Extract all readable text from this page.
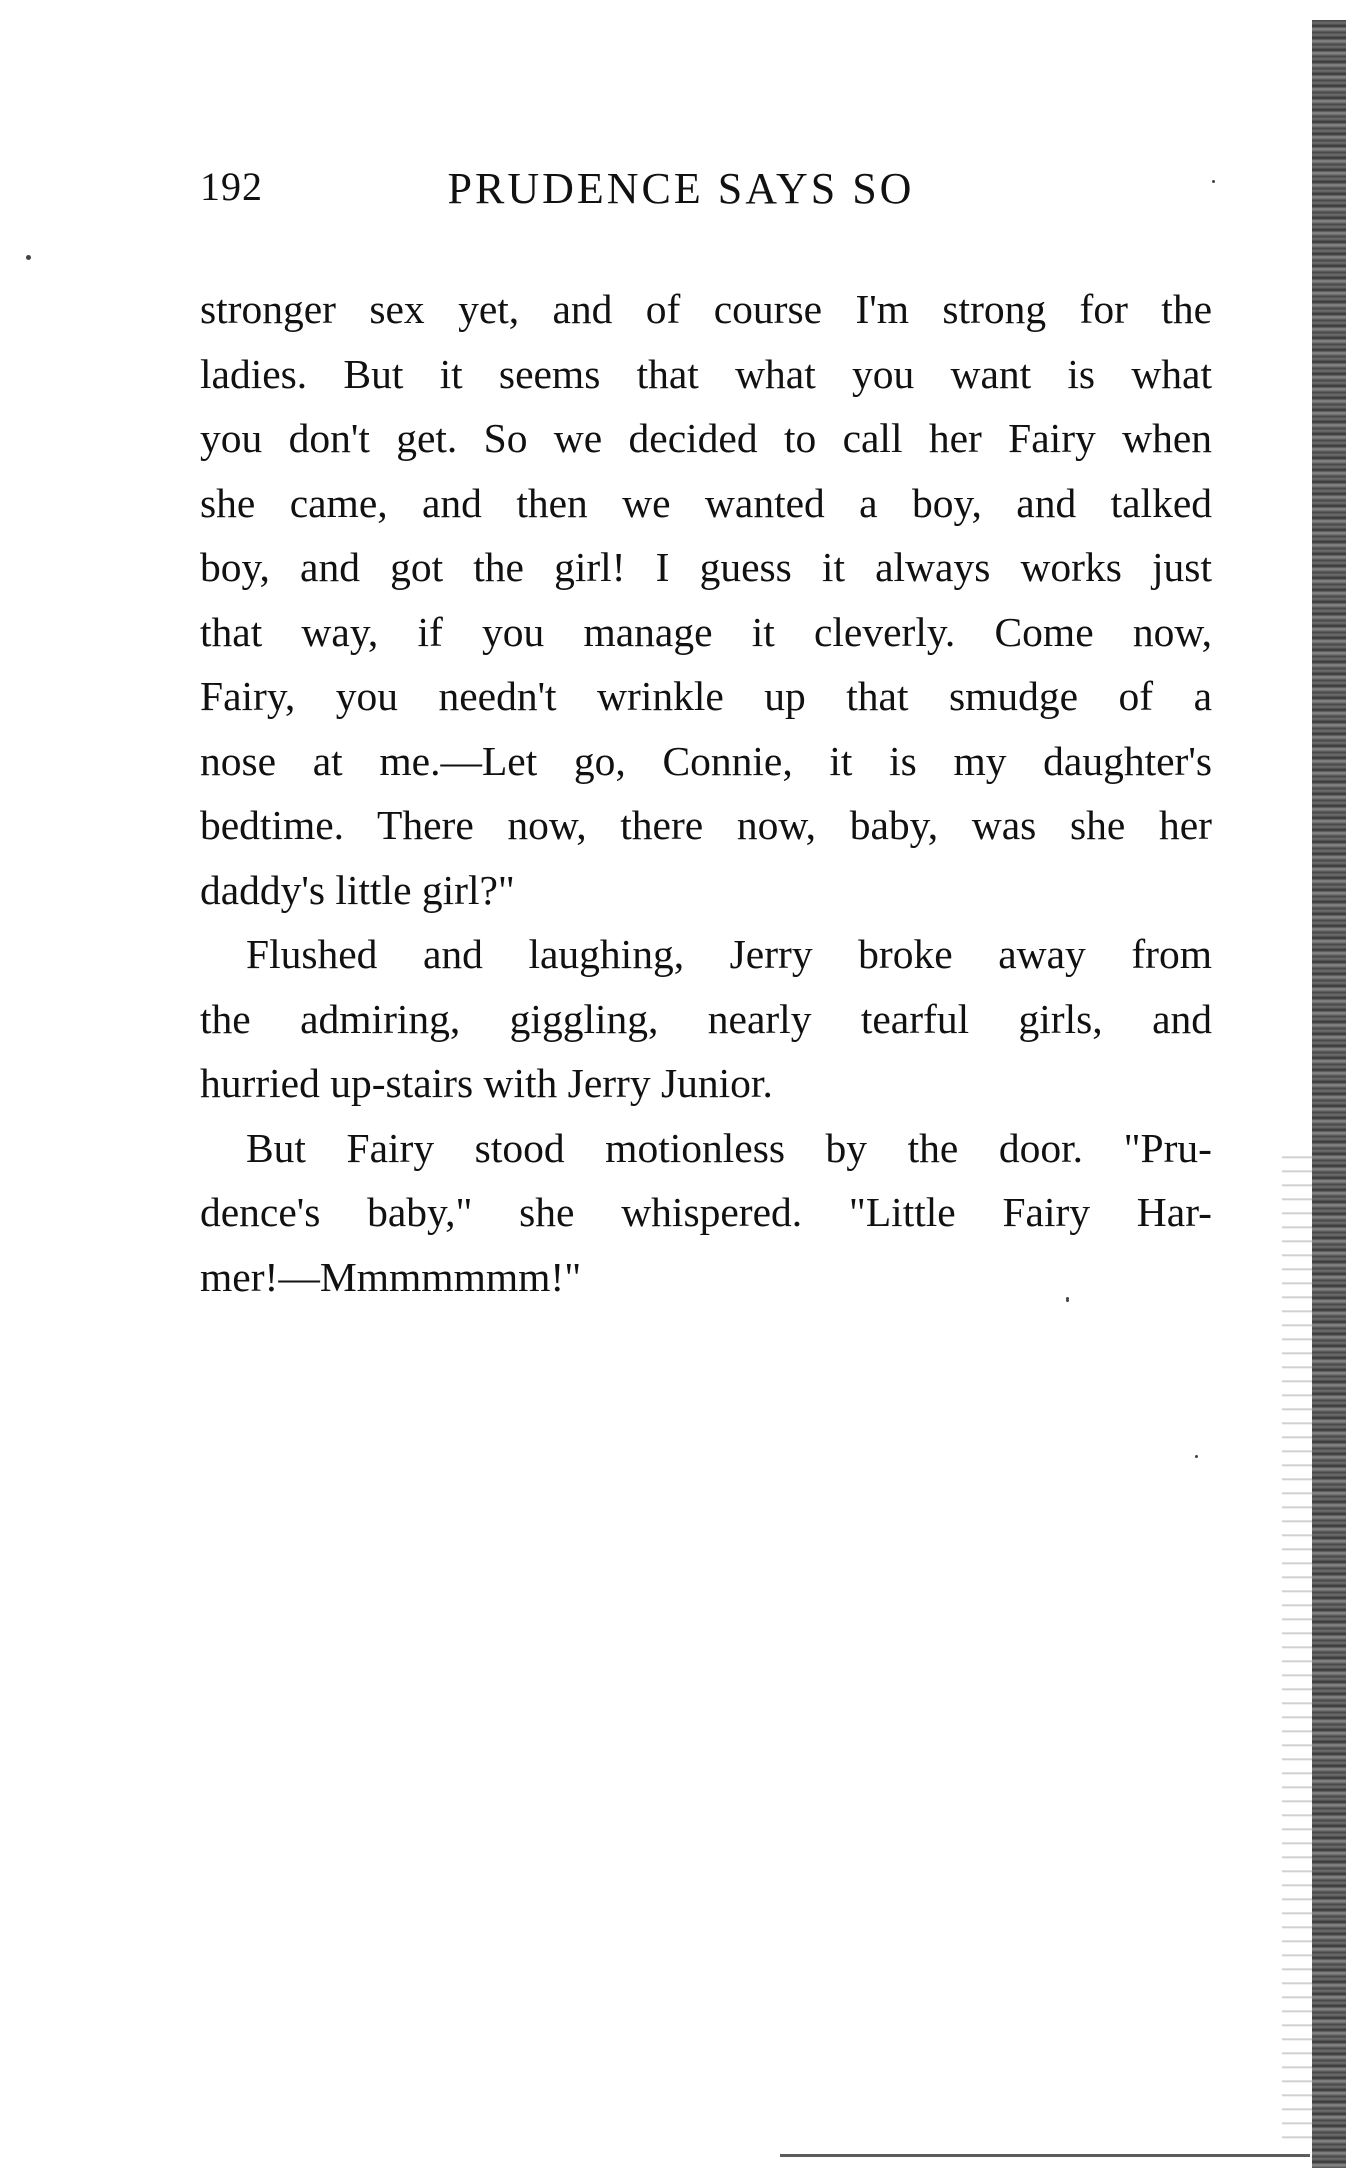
192	PRUDENCE SAYS SO
stronger sex yet, and of course I'm strong for the
ladies. But it seems that what you want is what
you don't get. So we decided to call her Fairy when
she came, and then we wanted a boy, and talked
boy, and got the girl! I guess it always works just
that way, if you manage it cleverly. Come now,
Fairy, you needn't wrinkle up that smudge of a
nose at me.—Let go, Connie, it is my daughter's
bedtime. There now, there now, baby, was she her
daddy's little girl?"
Flushed and laughing, Jerry broke away from
the admiring, giggling, nearly tearful girls, and
hurried up-stairs with Jerry Junior.
But Fairy stood motionless by the door. "Pru-
dence's baby," she whispered. "Little Fairy Har-
mer!—Mmmmmmm!"
